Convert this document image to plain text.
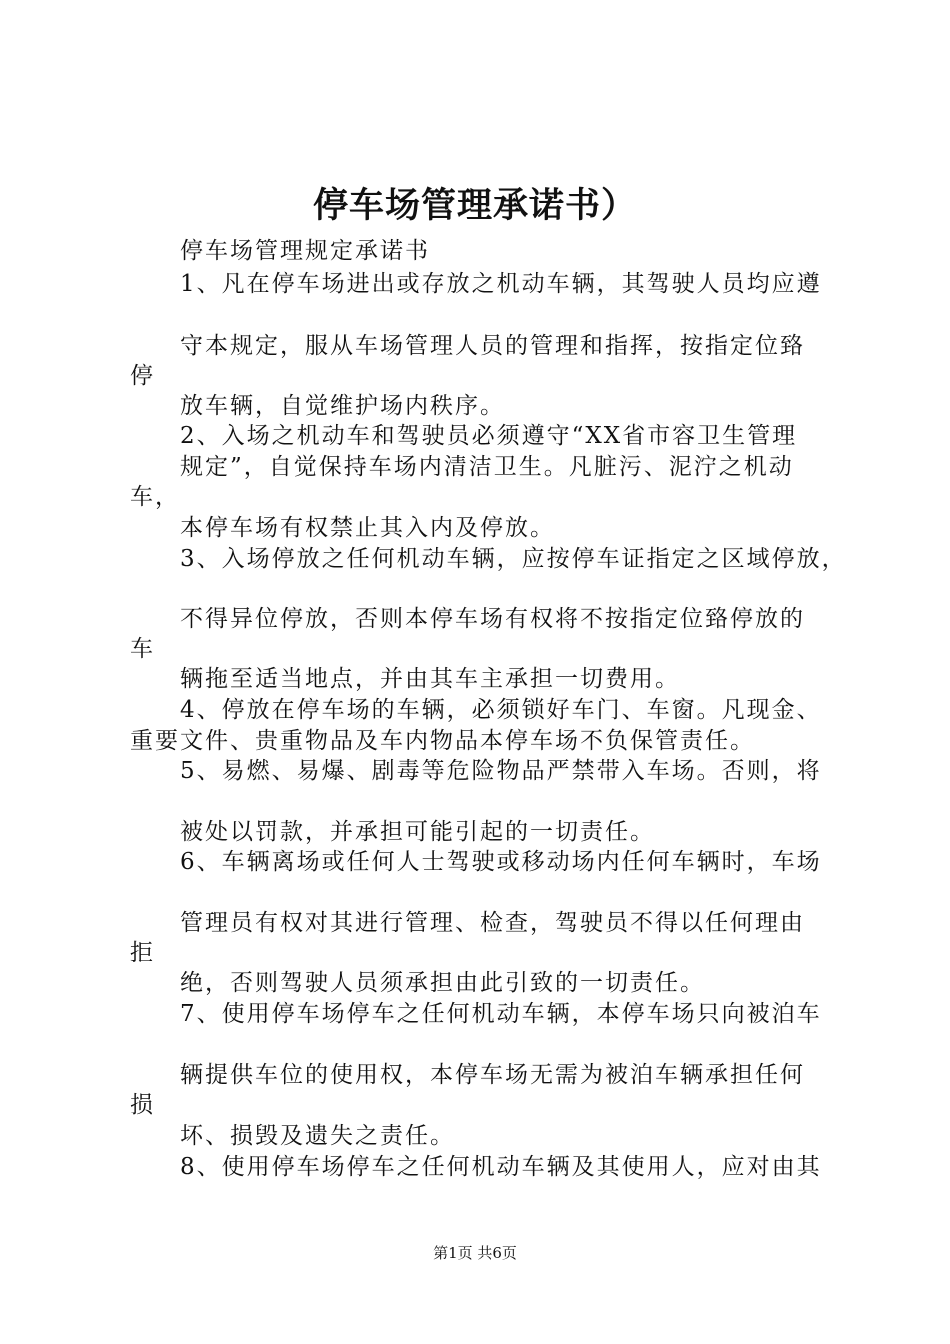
停车场管理承诺书）
停车场管理规定承诺书
1、凡在停车场进出或存放之机动车辆，其驾驶人员均应遵
守本规定，服从车场管理人员的管理和指挥，按指定位臵
停
放车辆，自觉维护场内秩序。
2、入场之机动车和驾驶员必须遵守“XX省市容卫生管理
规定”，自觉保持车场内清洁卫生。凡脏污、泥泞之机动
车，
本停车场有权禁止其入内及停放。
3、入场停放之任何机动车辆，应按停车证指定之区域停放，
不得异位停放，否则本停车场有权将不按指定位臵停放的
车
辆拖至适当地点，并由其车主承担一切费用。
4、停放在停车场的车辆，必须锁好车门、车窗。凡现金、
重要文件、贵重物品及车内物品本停车场不负保管责任。
5、易燃、易爆、剧毒等危险物品严禁带入车场。否则，将
被处以罚款，并承担可能引起的一切责任。
6、车辆离场或任何人士驾驶或移动场内任何车辆时，车场
管理员有权对其进行管理、检查，驾驶员不得以任何理由
拒
绝，否则驾驶人员须承担由此引致的一切责任。
7、使用停车场停车之任何机动车辆，本停车场只向被泊车
辆提供车位的使用权，本停车场无需为被泊车辆承担任何
损
坏、损毁及遗失之责任。
8、使用停车场停车之任何机动车辆及其使用人，应对由其
第1页 共6页
